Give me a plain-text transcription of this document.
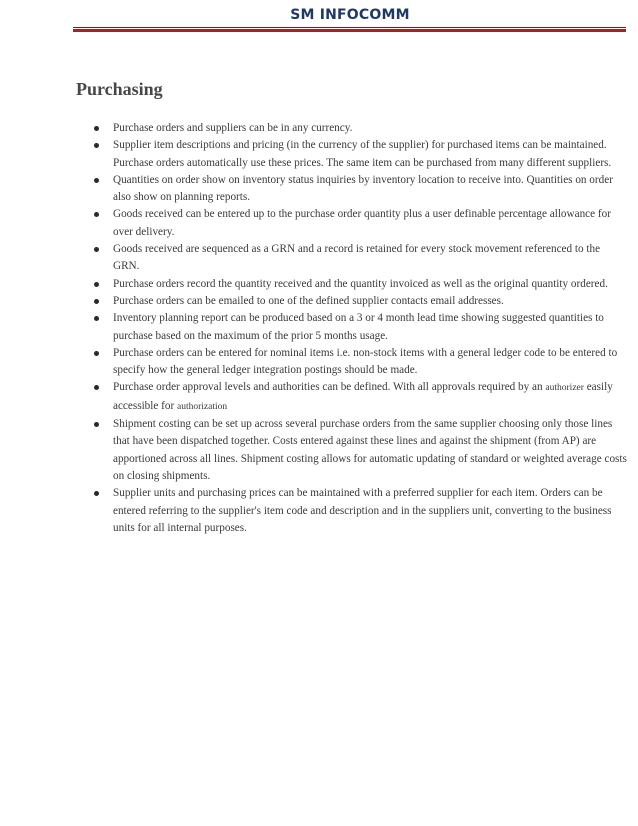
SM INFOCOMM
Purchasing
Purchase orders and suppliers can be in any currency.
Supplier item descriptions and pricing (in the currency of the supplier) for purchased items can be maintained. Purchase orders automatically use these prices. The same item can be purchased from many different suppliers.
Quantities on order show on inventory status inquiries by inventory location to receive into. Quantities on order also show on planning reports.
Goods received can be entered up to the purchase order quantity plus a user definable percentage allowance for over delivery.
Goods received are sequenced as a GRN and a record is retained for every stock movement referenced to the GRN.
Purchase orders record the quantity received and the quantity invoiced as well as the original quantity ordered.
Purchase orders can be emailed to one of the defined supplier contacts email addresses.
Inventory planning report can be produced based on a 3 or 4 month lead time showing suggested quantities to purchase based on the maximum of the prior 5 months usage.
Purchase orders can be entered for nominal items i.e. non-stock items with a general ledger code to be entered to specify how the general ledger integration postings should be made.
Purchase order approval levels and authorities can be defined. With all approvals required by an authorizer easily accessible for authorization
Shipment costing can be set up across several purchase orders from the same supplier choosing only those lines that have been dispatched together. Costs entered against these lines and against the shipment (from AP) are apportioned across all lines. Shipment costing allows for automatic updating of standard or weighted average costs on closing shipments.
Supplier units and purchasing prices can be maintained with a preferred supplier for each item. Orders can be entered referring to the supplier's item code and description and in the suppliers unit, converting to the business units for all internal purposes.
